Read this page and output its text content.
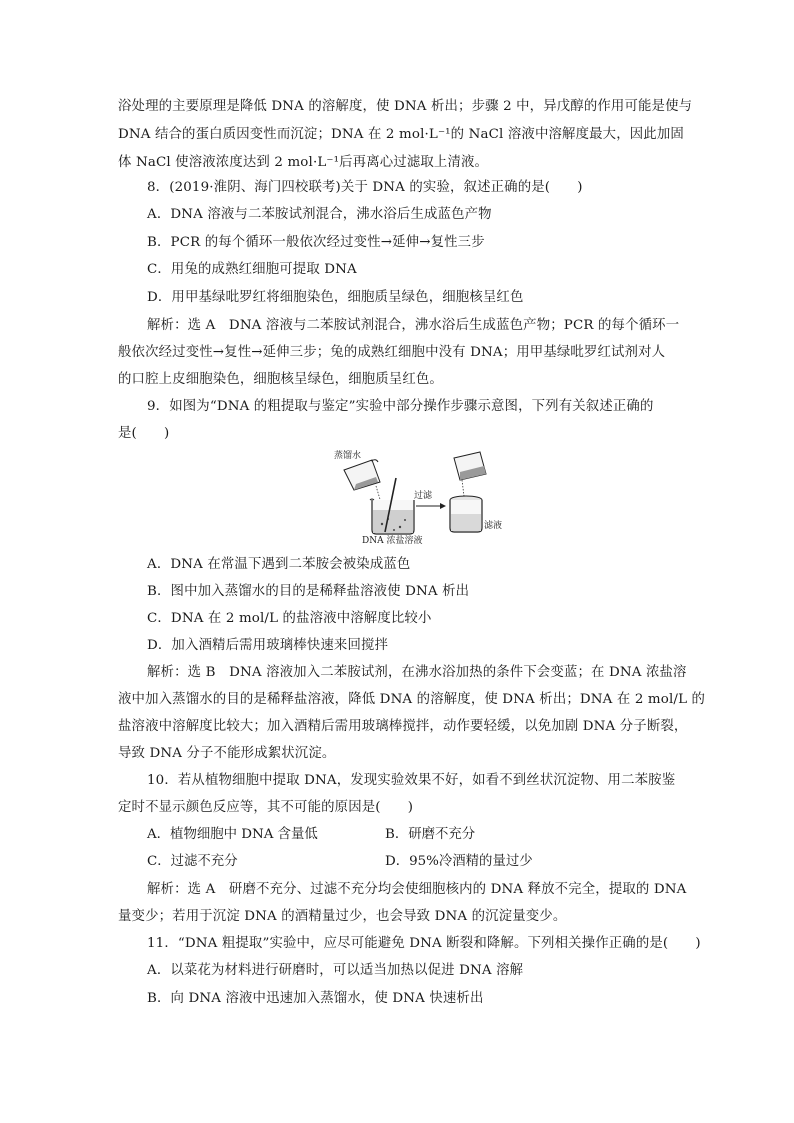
浴处理的主要原理是降低 DNA 的溶解度，使 DNA 析出；步骤 2 中，异戊醇的作用可能是使与
DNA 结合的蛋白质因变性而沉淀；DNA 在 2 mol·L⁻¹的 NaCl 溶液中溶解度最大，因此加固
体 NaCl 使溶液浓度达到 2 mol·L⁻¹后再离心过滤取上清液。
8．(2019·淮阴、海门四校联考)关于 DNA 的实验，叙述正确的是(　　)
A．DNA 溶液与二苯胺试剂混合，沸水浴后生成蓝色产物
B．PCR 的每个循环一般依次经过变性→延伸→复性三步
C．用兔的成熟红细胞可提取 DNA
D．用甲基绿吡罗红将细胞染色，细胞质呈绿色，细胞核呈红色
解析：选 A　DNA 溶液与二苯胺试剂混合，沸水浴后生成蓝色产物；PCR 的每个循环一
般依次经过变性→复性→延伸三步；兔的成熟红细胞中没有 DNA；用甲基绿吡罗红试剂对人
的口腔上皮细胞染色，细胞核呈绿色，细胞质呈红色。
9．如图为“DNA 的粗提取与鉴定”实验中部分操作步骤示意图，下列有关叙述正确的
是(　　)
蒸馏水
过滤
滤液
DNA 浓盐溶液
A．DNA 在常温下遇到二苯胺会被染成蓝色
B．图中加入蒸馏水的目的是稀释盐溶液使 DNA 析出
C．DNA 在 2 mol/L 的盐溶液中溶解度比较小
D．加入酒精后需用玻璃棒快速来回搅拌
解析：选 B　DNA 溶液加入二苯胺试剂，在沸水浴加热的条件下会变蓝；在 DNA 浓盐溶
液中加入蒸馏水的目的是稀释盐溶液，降低 DNA 的溶解度，使 DNA 析出；DNA 在 2 mol/L 的
盐溶液中溶解度比较大；加入酒精后需用玻璃棒搅拌，动作要轻缓，以免加剧 DNA 分子断裂，
导致 DNA 分子不能形成絮状沉淀。
10．若从植物细胞中提取 DNA，发现实验效果不好，如看不到丝状沉淀物、用二苯胺鉴
定时不显示颜色反应等，其不可能的原因是(　　)
A．植物细胞中 DNA 含量低	B．研磨不充分
C．过滤不充分	D．95%冷酒精的量过少
解析：选 A　研磨不充分、过滤不充分均会使细胞核内的 DNA 释放不完全，提取的 DNA
量变少；若用于沉淀 DNA 的酒精量过少，也会导致 DNA 的沉淀量变少。
11．“DNA 粗提取”实验中，应尽可能避免 DNA 断裂和降解。下列相关操作正确的是(　　)
A．以菜花为材料进行研磨时，可以适当加热以促进 DNA 溶解
B．向 DNA 溶液中迅速加入蒸馏水，使 DNA 快速析出
